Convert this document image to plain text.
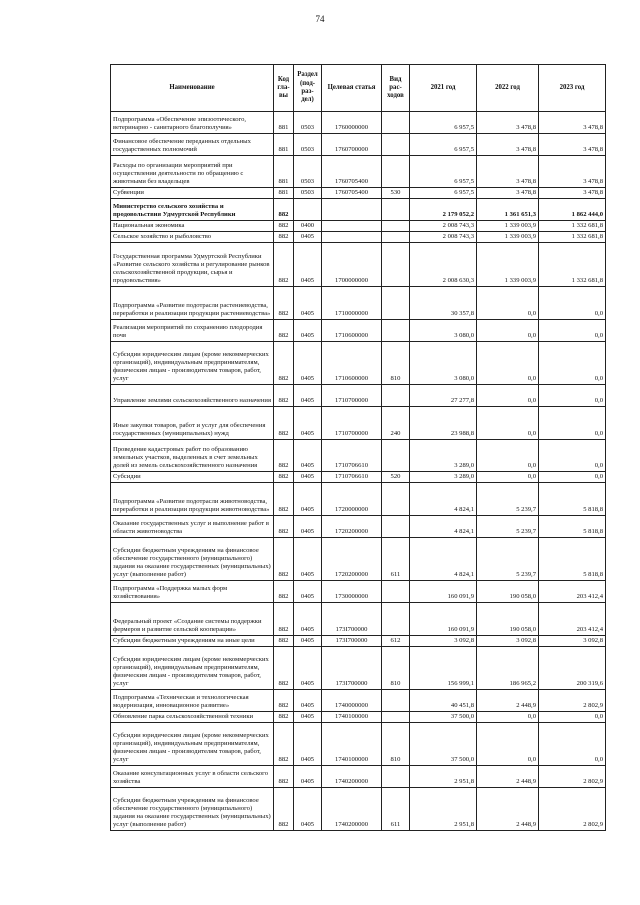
74
Наименование	Код гла-вы	Раздел (под-раз-дел)	Целевая статья	Вид рас-ходов	2021 год	2022 год	2023 год
Подпрограмма «Обеспечение эпизоотического, ветеринарно - санитарного благополучия»	881	0503	1760000000		6 957,5	3 478,8	3 478,8
Финансовое обеспечение переданных отдельных государственных полномочий	881	0503	1760700000		6 957,5	3 478,8	3 478,8
Расходы по организации мероприятий при осуществлении деятельности по обращению с животными без владельцев	881	0503	1760705400		6 957,5	3 478,8	3 478,8
Субвенции	881	0503	1760705400	530	6 957,5	3 478,8	3 478,8
Министерство сельского хозяйства и продовольствия Удмуртской Республики	882				2 179 052,2	1 361 651,3	1 862 444,0
Национальная экономика	882	0400			2 008 743,3	1 339 003,9	1 332 681,8
Сельское хозяйство и рыболовство	882	0405			2 008 743,3	1 339 003,9	1 332 681,8
Государственная программа Удмуртской Республики «Развитие сельского хозяйства и регулирование рынков сельскохозяйственной продукции, сырья и продовольствия»	882	0405	1700000000		2 008 630,3	1 339 003,9	1 332 681,8
Подпрограмма «Развитие подотрасли растениеводства, переработки и реализации продукции растениеводства»	882	0405	1710000000		30 357,8	0,0	0,0
Реализация мероприятий по сохранению плодородия почв	882	0405	1710600000		3 080,0	0,0	0,0
Субсидии юридическим лицам (кроме некоммерческих организаций), индивидуальным предпринимателям, физическим лицам - производителям товаров, работ, услуг	882	0405	1710600000	810	3 080,0	0,0	0,0
Управление землями сельскохозяйственного назначения	882	0405	1710700000		27 277,8	0,0	0,0
Иные закупки товаров, работ и услуг для обеспечения государственных (муниципальных) нужд	882	0405	1710700000	240	23 988,8	0,0	0,0
Проведение кадастровых работ по образованию земельных участков, выделенных в счет земельных долей из земель сельскохозяйственного назначения	882	0405	1710706610		3 289,0	0,0	0,0
Субсидии	882	0405	1710706610	520	3 289,0	0,0	0,0
Подпрограмма «Развитие подотрасли животноводства, переработки и реализации продукции животноводства»	882	0405	1720000000		4 824,1	5 239,7	5 818,8
Оказание государственных услуг и выполнение работ в области животноводства	882	0405	1720200000		4 824,1	5 239,7	5 818,8
Субсидии бюджетным учреждениям на финансовое обеспечение государственного (муниципального) задания на оказание государственных (муниципальных) услуг (выполнение работ)	882	0405	1720200000	611	4 824,1	5 239,7	5 818,8
Подпрограмма «Поддержка малых форм хозяйствования»	882	0405	1730000000		160 091,9	190 058,0	203 412,4
Федеральный проект «Создание системы поддержки фермеров и развитие сельской кооперации»	882	0405	173I700000		160 091,9	190 058,0	203 412,4
Субсидии бюджетным учреждениям на иные цели	882	0405	173I700000	612	3 092,8	3 092,8	3 092,8
Субсидии юридическим лицам (кроме некоммерческих организаций), индивидуальным предпринимателям, физическим лицам - производителям товаров, работ, услуг	882	0405	173I700000	810	156 999,1	186 965,2	200 319,6
Подпрограмма «Техническая и технологическая модернизация, инновационное развитие»	882	0405	1740000000		40 451,8	2 448,9	2 802,9
Обновление парка сельскохозяйственной техники	882	0405	1740100000		37 500,0	0,0	0,0
Субсидии юридическим лицам (кроме некоммерческих организаций), индивидуальным предпринимателям, физическим лицам - производителям товаров, работ, услуг	882	0405	1740100000	810	37 500,0	0,0	0,0
Оказание консультационных услуг в области сельского хозяйства	882	0405	1740200000		2 951,8	2 448,9	2 802,9
Субсидии бюджетным учреждениям на финансовое обеспечение государственного (муниципального) задания на оказание государственных (муниципальных) услуг (выполнение работ)	882	0405	1740200000	611	2 951,8	2 448,9	2 802,9
